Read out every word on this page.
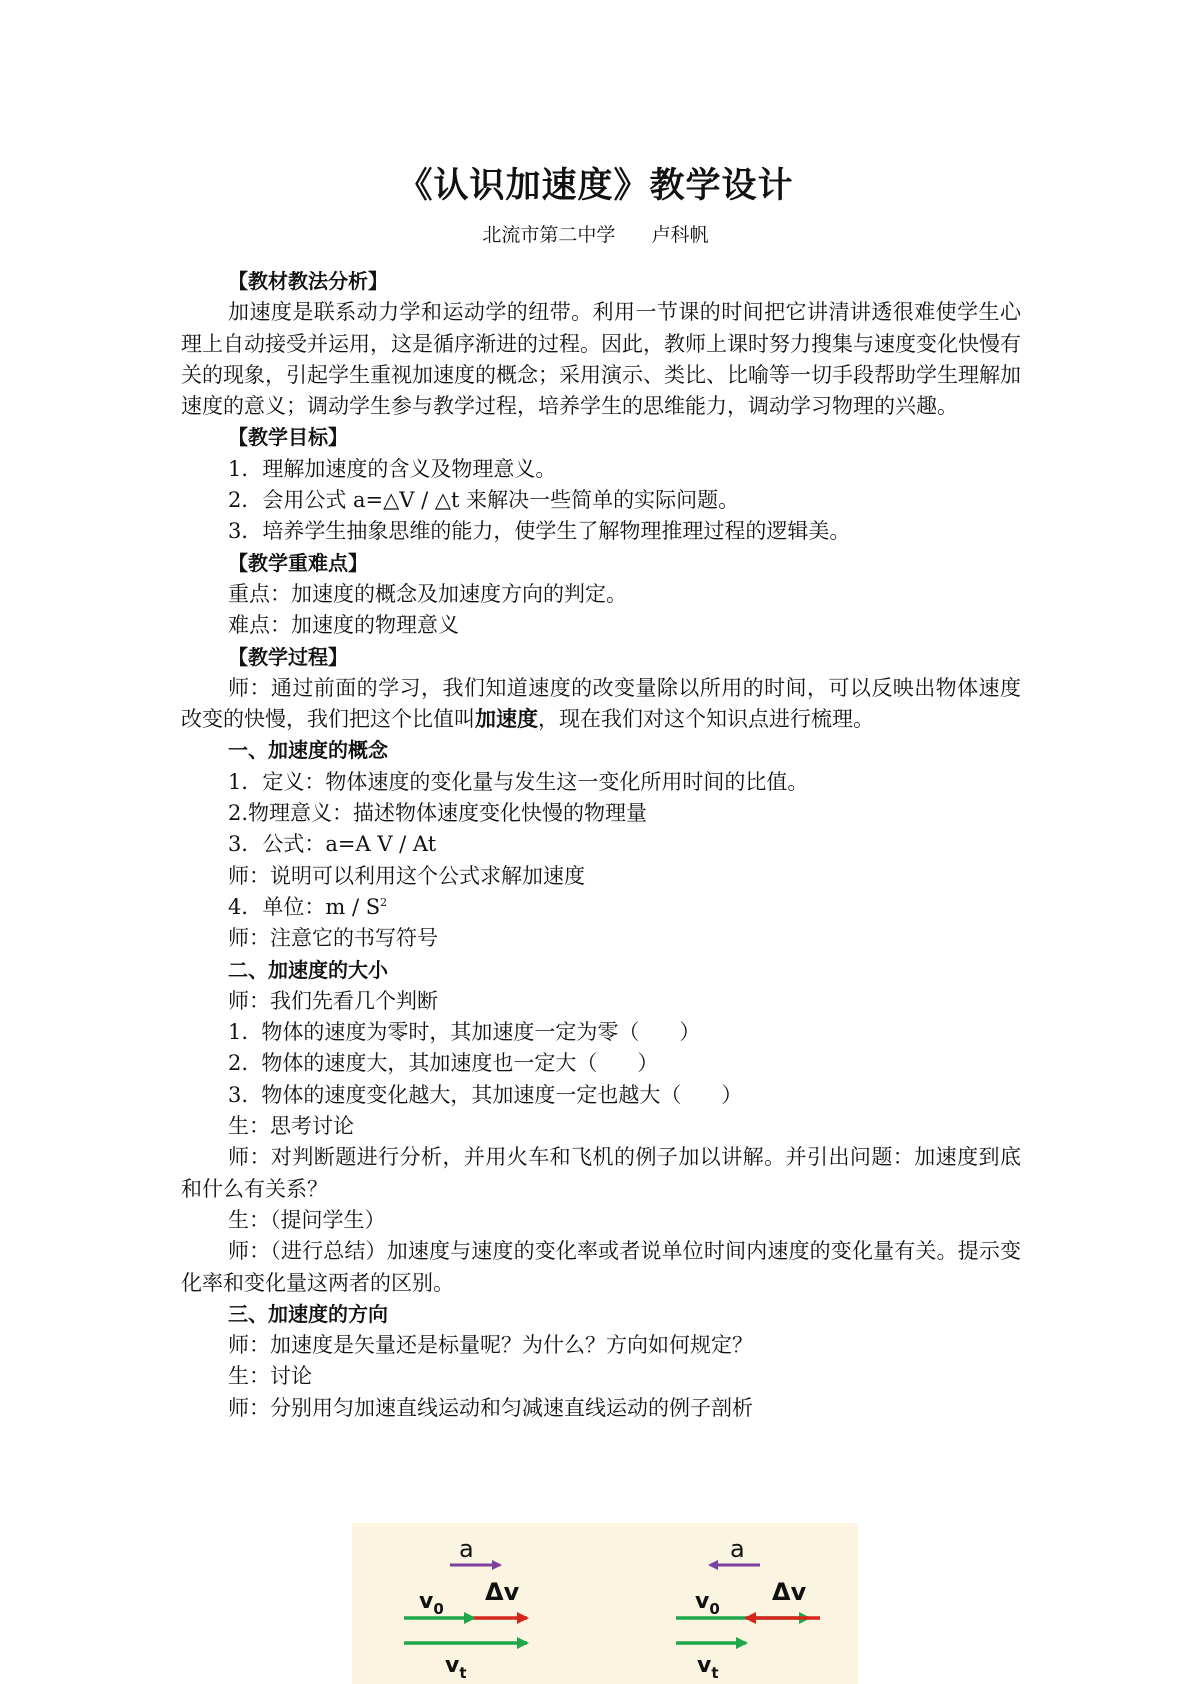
《认识加速度》教学设计
北流市第二中学      卢科帆

【教材教法分析】

加速度是联系动力学和运动学的纽带。利用一节课的时间把它讲清讲透很难使学生心理上自动接受并运用，这是循序渐进的过程。因此，教师上课时努力搜集与速度变化快慢有关的现象，引起学生重视加速度的概念；采用演示、类比、比喻等一切手段帮助学生理解加速度的意义；调动学生参与教学过程，培养学生的思维能力，调动学习物理的兴趣。

【教学目标】

1．理解加速度的含义及物理意义。

2．会用公式 a=△V / △t 来解决一些简单的实际问题。

3．培养学生抽象思维的能力，使学生了解物理推理过程的逻辑美。

【教学重难点】

重点：加速度的概念及加速度方向的判定。

难点：加速度的物理意义

【教学过程】

师：通过前面的学习，我们知道速度的改变量除以所用的时间，可以反映出物体速度改变的快慢，我们把这个比值叫加速度，现在我们对这个知识点进行梳理。

一、加速度的概念

1．定义：物体速度的变化量与发生这一变化所用时间的比值。

2.物理意义：描述物体速度变化快慢的物理量

3．公式：a=A V / At

师：说明可以利用这个公式求解加速度

4．单位：m / $S^2$

师：注意它的书写符号

二、加速度的大小

师：我们先看几个判断

1.  物体的速度为零时，其加速度一定为零（      ）

2.  物体的速度大，其加速度也一定大（      ）

3.  物体的速度变化越大，其加速度一定也越大（      ）

生：思考讨论

师：对判断题进行分析，并用火车和飞机的例子加以讲解。并引出问题：加速度到底和什么有关系？

生：（提问学生）

师：（进行总结）加速度与速度的变化率或者说单位时间内速度的变化量有关。提示变化率和变化量这两者的区别。

三、加速度的方向

师：加速度是矢量还是标量呢？为什么？方向如何规定？

生：讨论

师：分别用匀加速直线运动和匀减速直线运动的例子剖析

a
$v_0$
Δv
$v_t$
a
$v_0$
Δv
$v_t$
